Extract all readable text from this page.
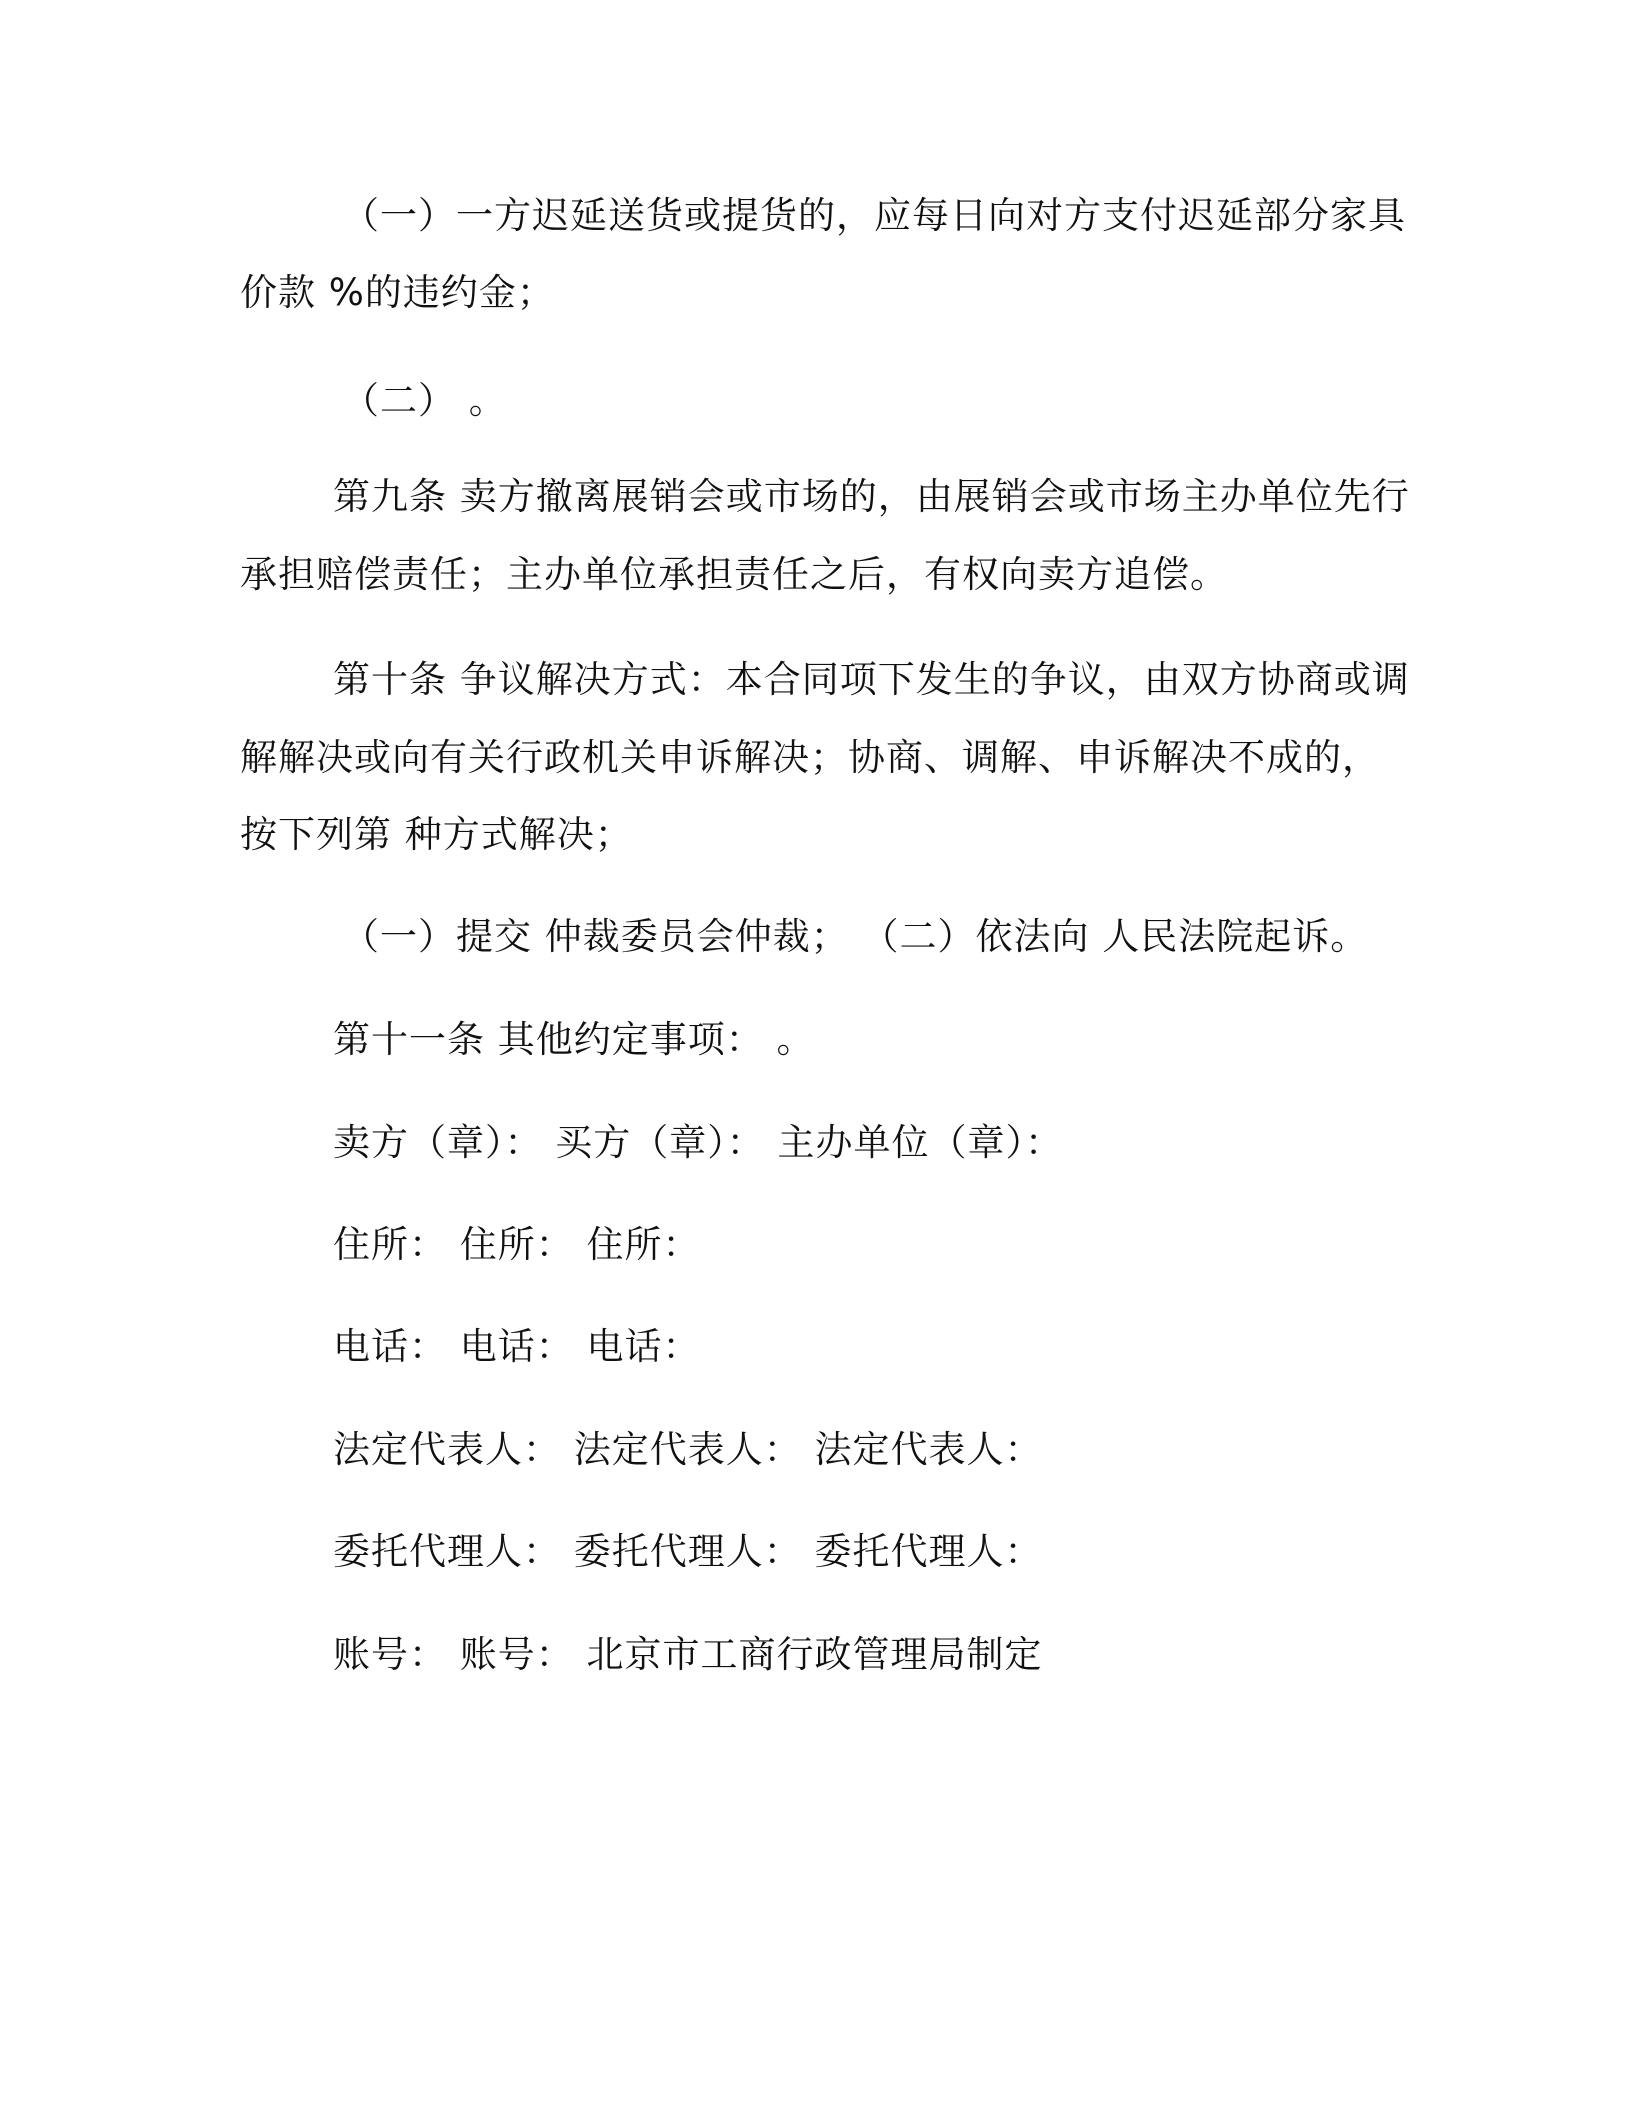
（一）一方迟延送货或提货的，应每日向对方支付迟延部分家具
价款 %的违约金；
（二） 。
第九条 卖方撤离展销会或市场的，由展销会或市场主办单位先行
承担赔偿责任；主办单位承担责任之后，有权向卖方追偿。
第十条 争议解决方式：本合同项下发生的争议，由双方协商或调
解解决或向有关行政机关申诉解决；协商、调解、申诉解决不成的，
按下列第 种方式解决；
（一）提交 仲裁委员会仲裁； （二）依法向 人民法院起诉。
第十一条 其他约定事项： 。
卖方（章）： 买方（章）： 主办单位（章）：
住所： 住所： 住所：
电话： 电话： 电话：
法定代表人： 法定代表人： 法定代表人：
委托代理人： 委托代理人： 委托代理人：
账号： 账号： 北京市工商行政管理局制定
